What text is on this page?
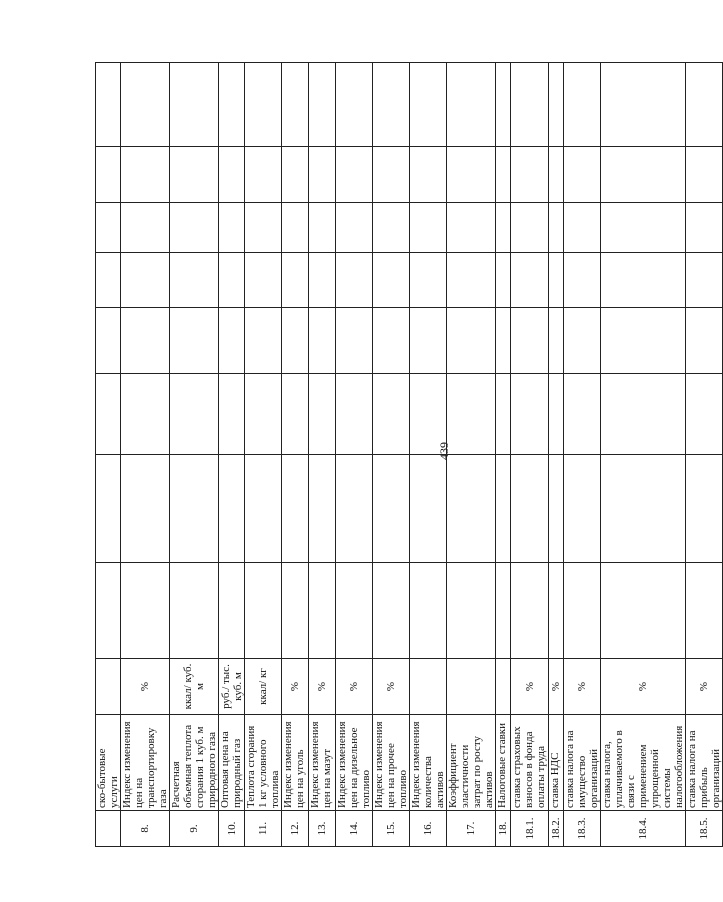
439
	ско-бытовые услуги									
8.	Индекс изменения цен на транспортировку газа	%								
9.	Расчетная объемная теплота сгорания 1 куб. м природного газа	ккал/ куб. м								
10.	Оптовая цена на природный газ	руб./ тыс. куб. м								
11.	Теплота сгорания 1 кг условного топлива	ккал/ кг								
12.	Индекс изменения цен на уголь	%								
13.	Индекс изменения цен на мазут	%								
14.	Индекс изменения цен на дизельное топливо	%								
15.	Индекс изменения цен на прочее топливо	%								
16.	Индекс изменения количества активов									
17.	Коэффициент эластичности затрат по росту активов									
18.	Налоговые ставки									
18.1.	ставка страховых взносов в фонда оплаты труда	%								
18.2.	ставка НДС	%								
18.3.	ставка налога на имущество организаций	%								
18.4.	ставка налога, уплачиваемого в связи с применением упрощенной системы налогообложения	%								
18.5.	ставка налога на прибыль организаций	%								
